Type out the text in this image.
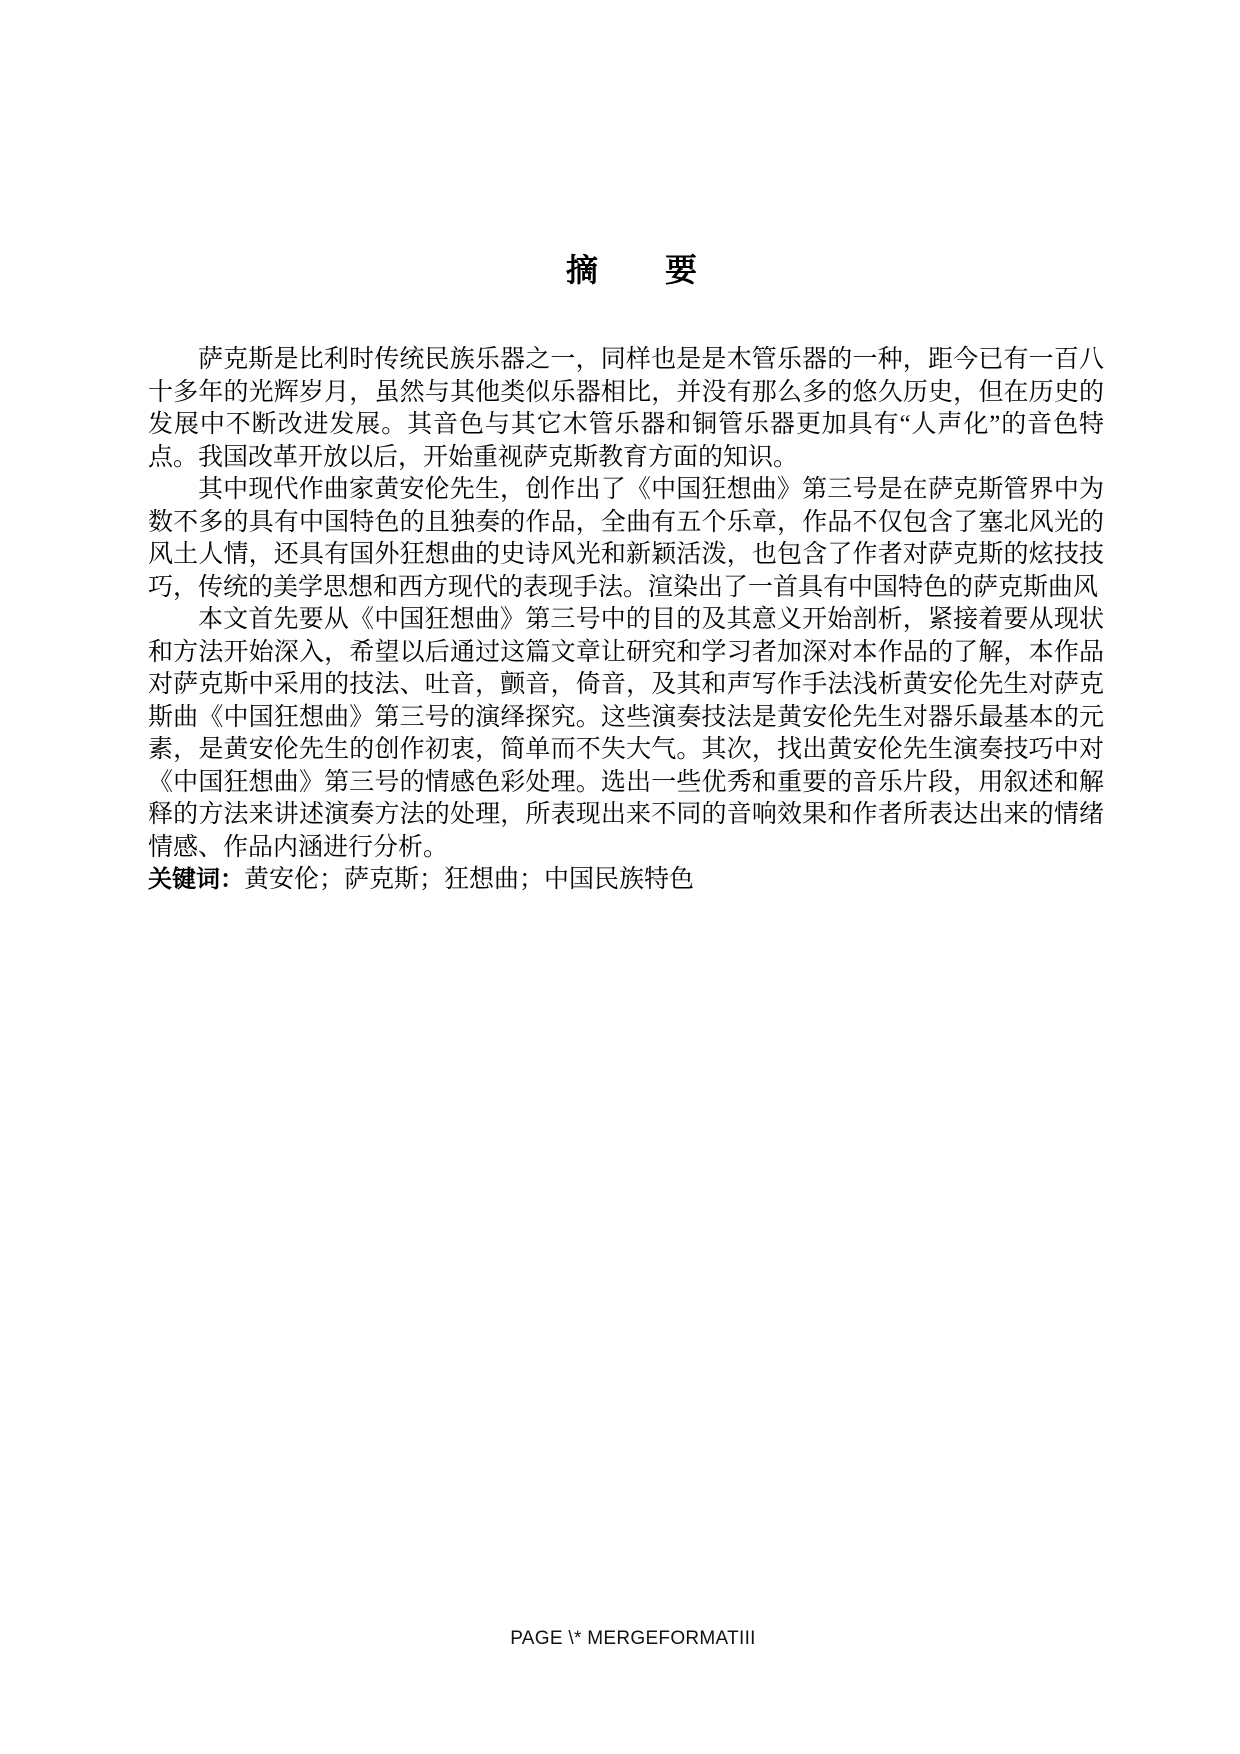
摘　　要

萨克斯是比利时传统民族乐器之一，同样也是是木管乐器的一种，距今已有一百八十多年的光辉岁月，虽然与其他类似乐器相比，并没有那么多的悠久历史，但在历史的发展中不断改进发展。其音色与其它木管乐器和铜管乐器更加具有“人声化”的音色特点。我国改革开放以后，开始重视萨克斯教育方面的知识。

其中现代作曲家黄安伦先生，创作出了《中国狂想曲》第三号是在萨克斯管界中为数不多的具有中国特色的且独奏的作品，全曲有五个乐章，作品不仅包含了塞北风光的风土人情，还具有国外狂想曲的史诗风光和新颖活泼，也包含了作者对萨克斯的炫技技巧，传统的美学思想和西方现代的表现手法。渲染出了一首具有中国特色的萨克斯曲风

本文首先要从《中国狂想曲》第三号中的目的及其意义开始剖析，紧接着要从现状和方法开始深入，希望以后通过这篇文章让研究和学习者加深对本作品的了解，本作品对萨克斯中采用的技法、吐音，颤音，倚音，及其和声写作手法浅析黄安伦先生对萨克斯曲《中国狂想曲》第三号的演绎探究。这些演奏技法是黄安伦先生对器乐最基本的元素，是黄安伦先生的创作初衷，简单而不失大气。其次，找出黄安伦先生演奏技巧中对《中国狂想曲》第三号的情感色彩处理。选出一些优秀和重要的音乐片段，用叙述和解释的方法来讲述演奏方法的处理，所表现出来不同的音响效果和作者所表达出来的情绪情感、作品内涵进行分析。

关键词：黄安伦；萨克斯；狂想曲；中国民族特色

PAGE \* MERGEFORMATIII
